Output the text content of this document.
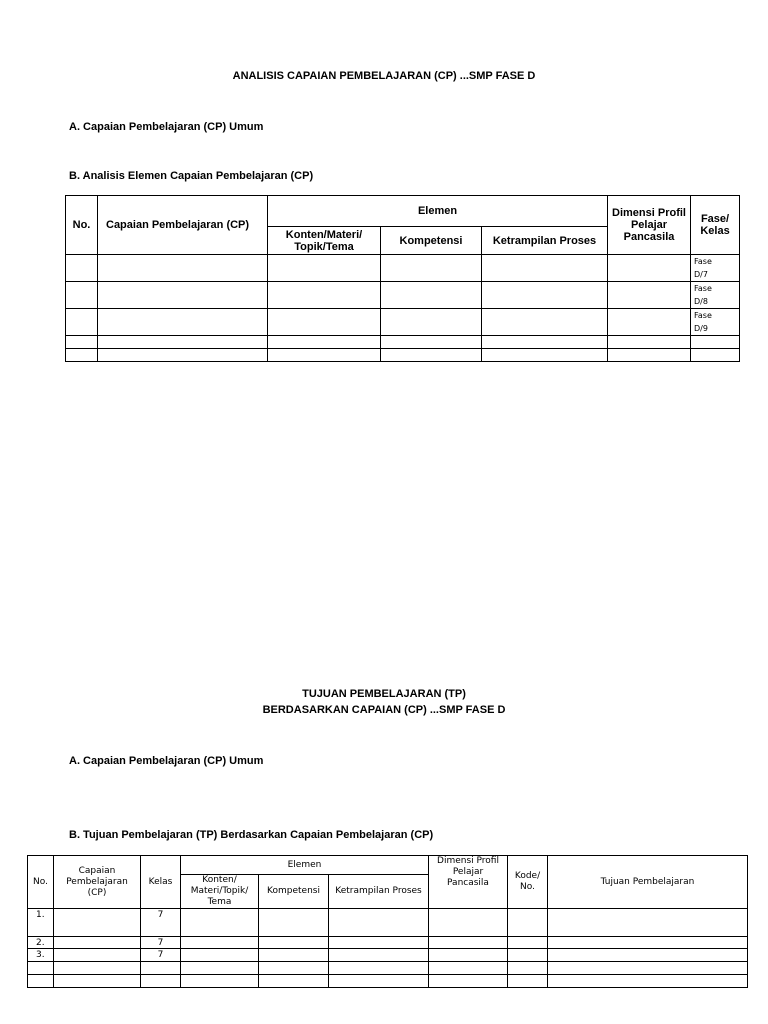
ANALISIS CAPAIAN PEMBELAJARAN (CP) ...SMP FASE D
A. Capaian Pembelajaran (CP) Umum
B. Analisis Elemen Capaian Pembelajaran (CP)
No.	Capaian Pembelajaran (CP)	Elemen			Dimensi Profil Pelajar Pancasila	Fase/ Kelas
		Konten/Materi/ Topik/Tema	Kompetensi	Ketrampilan Proses		
						Fase
D/7
						Fase
D/8
						Fase
D/9

TUJUAN PEMBELAJARAN (TP)
BERDASARKAN CAPAIAN (CP) ...SMP FASE D
A. Capaian Pembelajaran (CP) Umum
B. Tujuan Pembelajaran (TP) Berdasarkan Capaian Pembelajaran (CP)
No.	Capaian Pembelajaran (CP)	Kelas	Elemen			Dimensi Profil Pelajar Pancasila	Kode/ No.	Tujuan Pembelajaran
			Konten/ Materi/Topik/ Tema	Kompetensi	Ketrampilan Proses			
1.		7						
2.		7						
3.		7						
